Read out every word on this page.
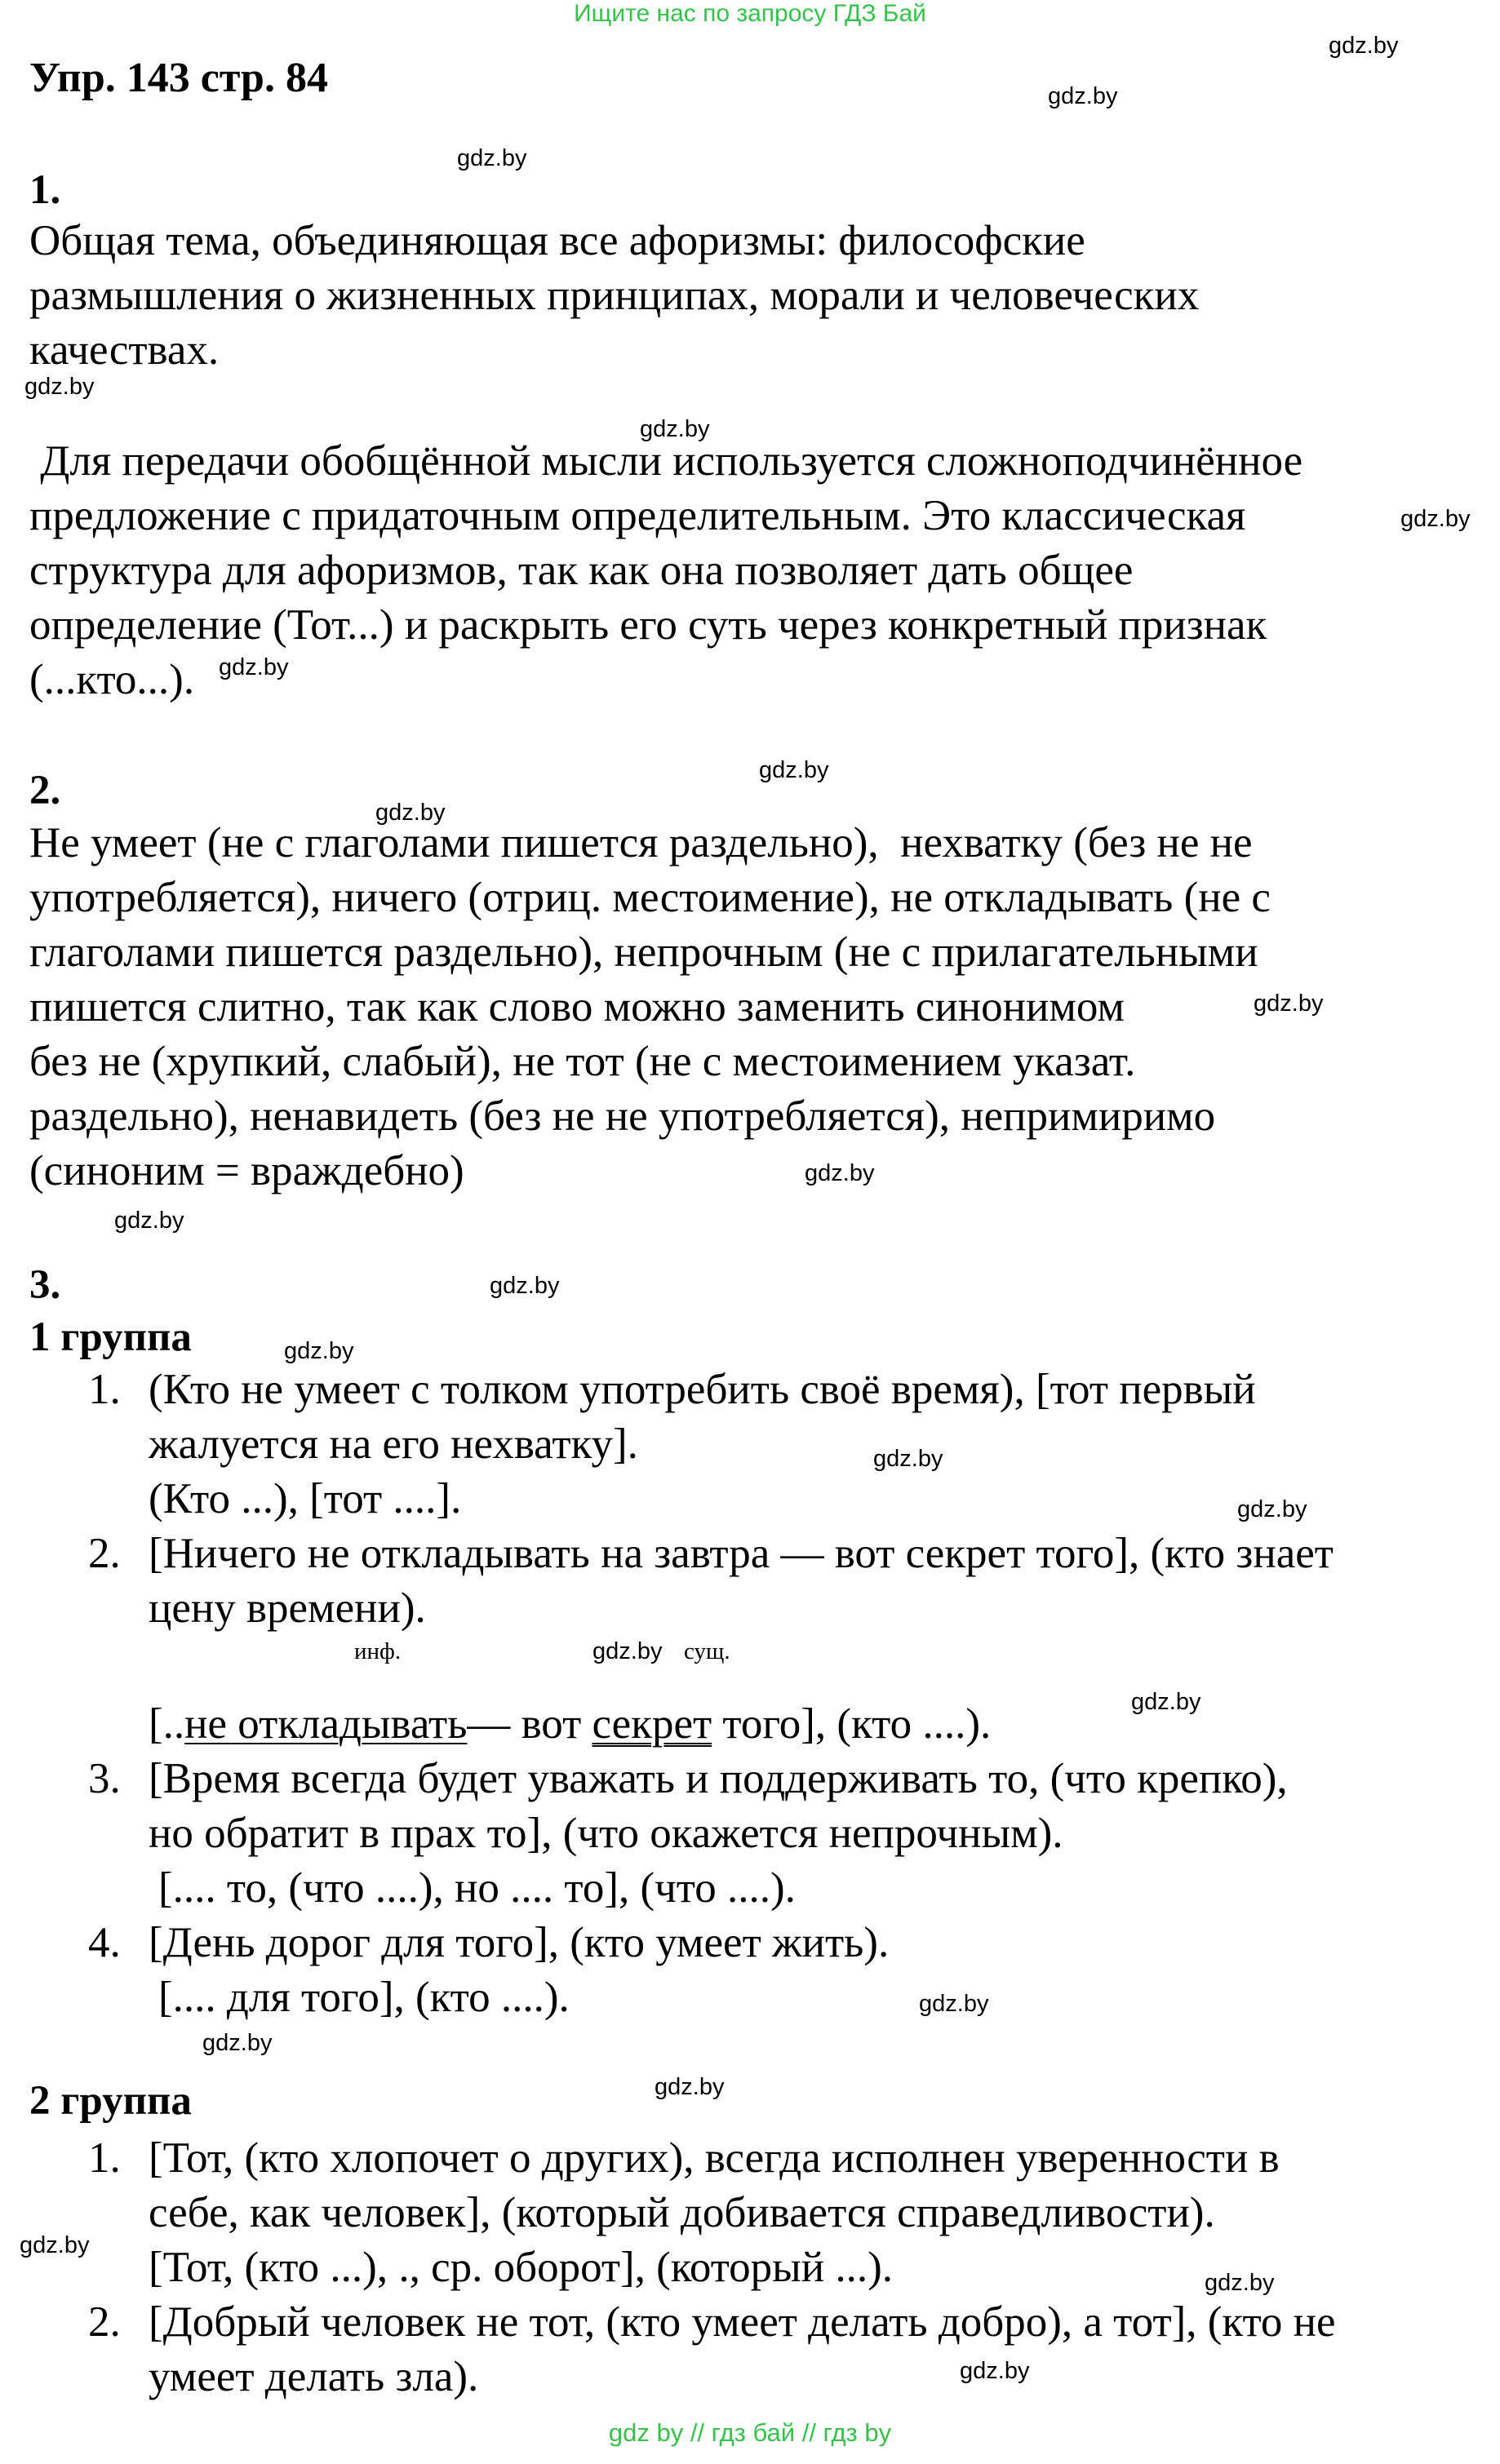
Ищите нас по запросу ГДЗ Бай
gdz by // гдз бай // гдз by
gdz.by
gdz.by
gdz.by
gdz.by
gdz.by
gdz.by
gdz.by
gdz.by
gdz.by
gdz.by
gdz.by
gdz.by
gdz.by
gdz.by
gdz.by
gdz.by
gdz.by
gdz.by
gdz.by
gdz.by
gdz.by
gdz.by
gdz.by
gdz.by
Упр. 143 стр. 84
1.
Общая тема, объединяющая все афоризмы: философские
размышления о жизненных принципах, морали и человеческих
качествах.
Для передачи обобщённой мысли используется сложноподчинённое
предложение с придаточным определительным. Это классическая
структура для афоризмов, так как она позволяет дать общее
определение (Тот...) и раскрыть его суть через конкретный признак
(...кто...).
2.
Не умеет (не с глаголами пишется раздельно),  нехватку (без не не
употребляется), ничего (отриц. местоимение), не откладывать (не с
глаголами пишется раздельно), непрочным (не с прилагательными
пишется слитно, так как слово можно заменить синонимом
без не (хрупкий, слабый), не тот (не с местоимением указат.
раздельно), ненавидеть (без не не употребляется), непримиримо
(синоним = враждебно)
3.
1 группа
1. (Кто не умеет с толком употребить своё время), [тот первый
жалуется на его нехватку].
(Кто ...), [тот ....].
2. [Ничего не откладывать на завтра — вот секрет того], (кто знает
цену времени).
инф.	сущ.
[..не откладывать— вот секрет того], (кто ....).
3. [Время всегда будет уважать и поддерживать то, (что крепко),
но обратит в прах то], (что окажется непрочным).
[.... то, (что ....), но .... то], (что ....).
4. [День дорог для того], (кто умеет жить).
[.... для того], (кто ....).
2 группа
1. [Тот, (кто хлопочет о других), всегда исполнен уверенности в
себе, как человек], (который добивается справедливости).
[Тот, (кто ...), ., ср. оборот], (который ...).
2. [Добрый человек не тот, (кто умеет делать добро), а тот], (кто не
умеет делать зла).
